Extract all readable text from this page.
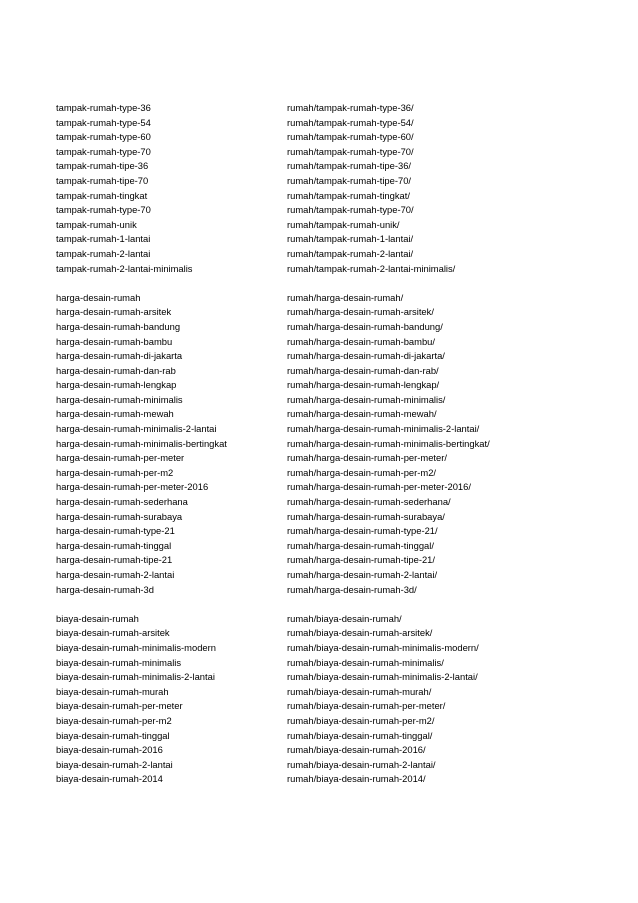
tampak-rumah-type-36	rumah/tampak-rumah-type-36/
tampak-rumah-type-54	rumah/tampak-rumah-type-54/
tampak-rumah-type-60	rumah/tampak-rumah-type-60/
tampak-rumah-type-70	rumah/tampak-rumah-type-70/
tampak-rumah-tipe-36	rumah/tampak-rumah-tipe-36/
tampak-rumah-tipe-70	rumah/tampak-rumah-tipe-70/
tampak-rumah-tingkat	rumah/tampak-rumah-tingkat/
tampak-rumah-type-70	rumah/tampak-rumah-type-70/
tampak-rumah-unik	rumah/tampak-rumah-unik/
tampak-rumah-1-lantai	rumah/tampak-rumah-1-lantai/
tampak-rumah-2-lantai	rumah/tampak-rumah-2-lantai/
tampak-rumah-2-lantai-minimalis	rumah/tampak-rumah-2-lantai-minimalis/
harga-desain-rumah	rumah/harga-desain-rumah/
harga-desain-rumah-arsitek	rumah/harga-desain-rumah-arsitek/
harga-desain-rumah-bandung	rumah/harga-desain-rumah-bandung/
harga-desain-rumah-bambu	rumah/harga-desain-rumah-bambu/
harga-desain-rumah-di-jakarta	rumah/harga-desain-rumah-di-jakarta/
harga-desain-rumah-dan-rab	rumah/harga-desain-rumah-dan-rab/
harga-desain-rumah-lengkap	rumah/harga-desain-rumah-lengkap/
harga-desain-rumah-minimalis	rumah/harga-desain-rumah-minimalis/
harga-desain-rumah-mewah	rumah/harga-desain-rumah-mewah/
harga-desain-rumah-minimalis-2-lantai	rumah/harga-desain-rumah-minimalis-2-lantai/
harga-desain-rumah-minimalis-bertingkat	rumah/harga-desain-rumah-minimalis-bertingkat/
harga-desain-rumah-per-meter	rumah/harga-desain-rumah-per-meter/
harga-desain-rumah-per-m2	rumah/harga-desain-rumah-per-m2/
harga-desain-rumah-per-meter-2016	rumah/harga-desain-rumah-per-meter-2016/
harga-desain-rumah-sederhana	rumah/harga-desain-rumah-sederhana/
harga-desain-rumah-surabaya	rumah/harga-desain-rumah-surabaya/
harga-desain-rumah-type-21	rumah/harga-desain-rumah-type-21/
harga-desain-rumah-tinggal	rumah/harga-desain-rumah-tinggal/
harga-desain-rumah-tipe-21	rumah/harga-desain-rumah-tipe-21/
harga-desain-rumah-2-lantai	rumah/harga-desain-rumah-2-lantai/
harga-desain-rumah-3d	rumah/harga-desain-rumah-3d/
biaya-desain-rumah	rumah/biaya-desain-rumah/
biaya-desain-rumah-arsitek	rumah/biaya-desain-rumah-arsitek/
biaya-desain-rumah-minimalis-modern	rumah/biaya-desain-rumah-minimalis-modern/
biaya-desain-rumah-minimalis	rumah/biaya-desain-rumah-minimalis/
biaya-desain-rumah-minimalis-2-lantai	rumah/biaya-desain-rumah-minimalis-2-lantai/
biaya-desain-rumah-murah	rumah/biaya-desain-rumah-murah/
biaya-desain-rumah-per-meter	rumah/biaya-desain-rumah-per-meter/
biaya-desain-rumah-per-m2	rumah/biaya-desain-rumah-per-m2/
biaya-desain-rumah-tinggal	rumah/biaya-desain-rumah-tinggal/
biaya-desain-rumah-2016	rumah/biaya-desain-rumah-2016/
biaya-desain-rumah-2-lantai	rumah/biaya-desain-rumah-2-lantai/
biaya-desain-rumah-2014	rumah/biaya-desain-rumah-2014/
